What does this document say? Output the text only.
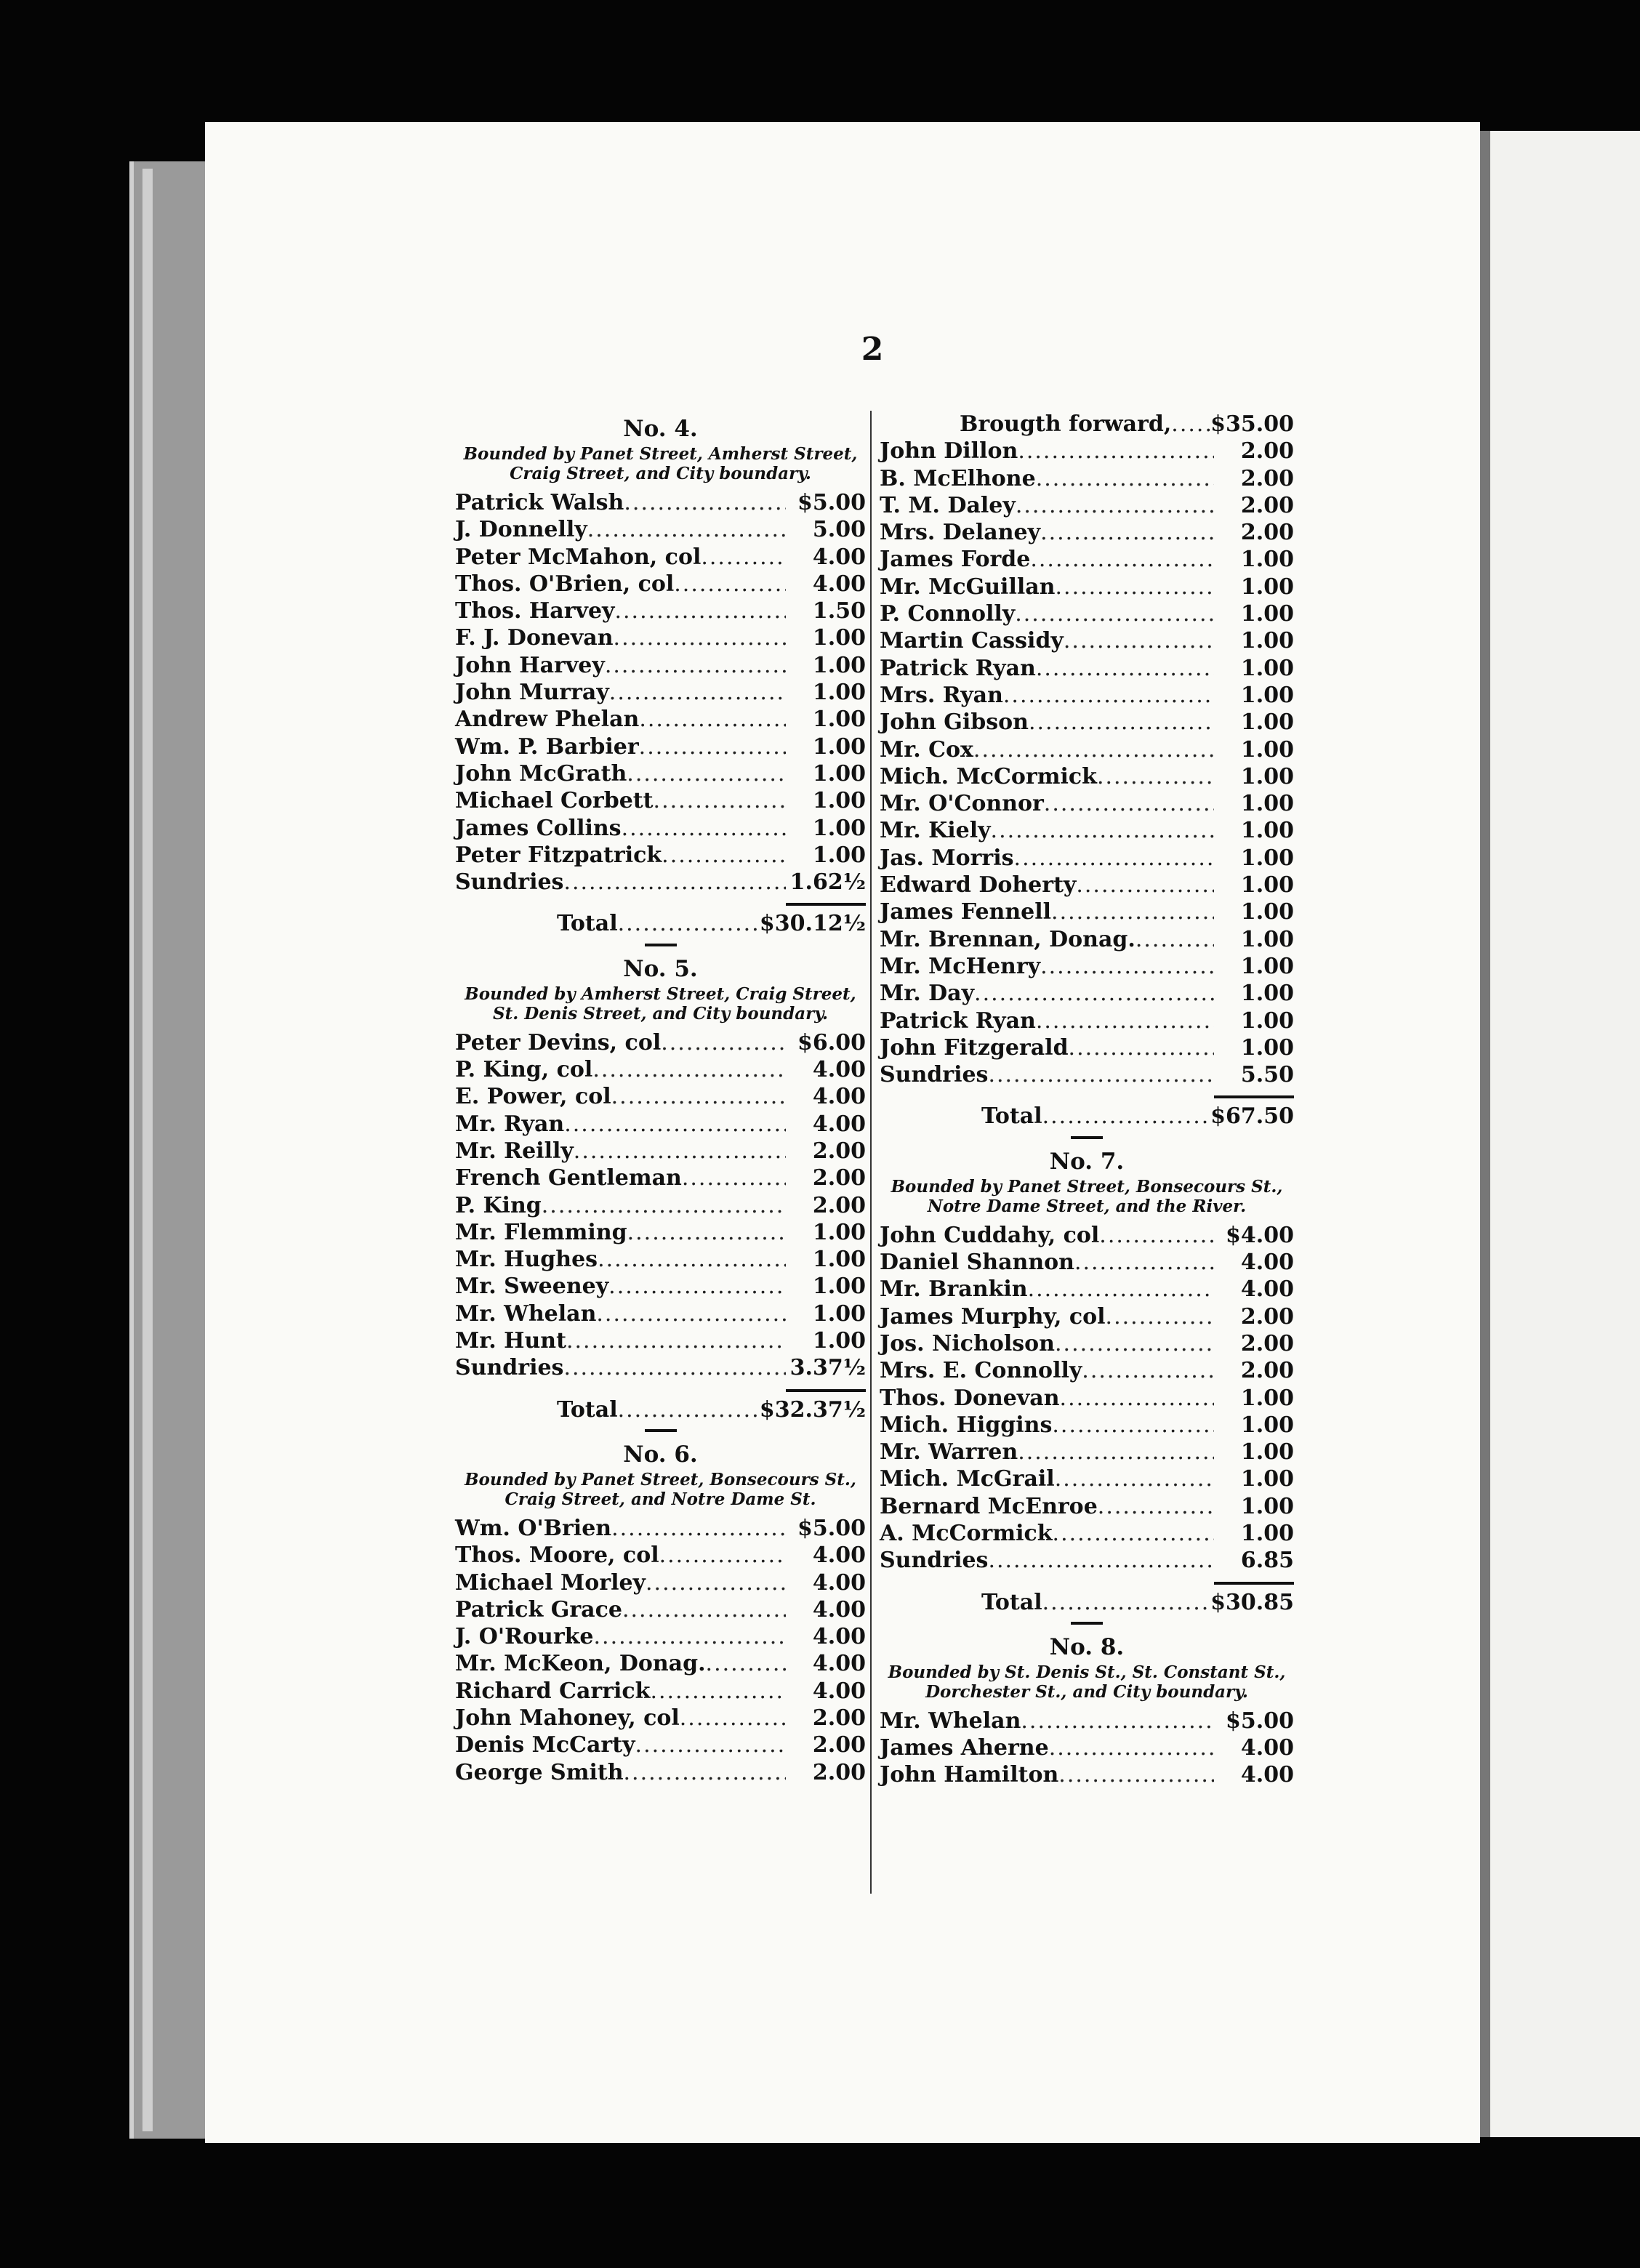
2
No. 4.
Bounded by Panet Street, Amherst Street, Craig Street, and City boundary.
Patrick Walsh .....	$5.00
J. Donnelly .....	5.00
Peter McMahon, col .....	4.00
Thos. O'Brien, col .....	4.00
Thos. Harvey .....	1.50
F. J. Donevan .....	1.00
John Harvey .....	1.00
John Murray .....	1.00
Andrew Phelan .....	1.00
Wm. P. Barbier .....	1.00
John McGrath .....	1.00
Michael Corbett .....	1.00
James Collins .....	1.00
Peter Fitzpatrick .....	1.00
Sundries .....	1.62½
Total .....	$30.12½
No. 5.
Bounded by Amherst Street, Craig Street, St. Denis Street, and City boundary.
Peter Devins, col .....	$6.00
P. King, col .....	4.00
E. Power, col .....	4.00
Mr. Ryan .....	4.00
Mr. Reilly .....	2.00
French Gentleman .....	2.00
P. King .....	2.00
Mr. Flemming .....	1.00
Mr. Hughes .....	1.00
Mr. Sweeney .....	1.00
Mr. Whelan .....	1.00
Mr. Hunt .....	1.00
Sundries .....	3.37½
Total .....	$32.37½
No. 6.
Bounded by Panet Street, Bonsecours St., Craig Street, and Notre Dame St.
Wm. O'Brien .....	$5.00
Thos. Moore, col .....	4.00
Michael Morley .....	4.00
Patrick Grace .....	4.00
J. O'Rourke .....	4.00
Mr. McKeon, Donag. .....	4.00
Richard Carrick .....	4.00
John Mahoney, col .....	2.00
Denis McCarty .....	2.00
George Smith .....	2.00
Brougth forward, ..... $35.00
John Dillon .....	2.00
B. McElhone .....	2.00
T. M. Daley .....	2.00
Mrs. Delaney .....	2.00
James Forde .....	1.00
Mr. McGuillan .....	1.00
P. Connolly .....	1.00
Martin Cassidy .....	1.00
Patrick Ryan .....	1.00
Mrs. Ryan .....	1.00
John Gibson .....	1.00
Mr. Cox .....	1.00
Mich. McCormick .....	1.00
Mr. O'Connor .....	1.00
Mr. Kiely .....	1.00
Jas. Morris .....	1.00
Edward Doherty .....	1.00
James Fennell .....	1.00
Mr. Brennan, Donag. .....	1.00
Mr. McHenry .....	1.00
Mr. Day .....	1.00
Patrick Ryan .....	1.00
John Fitzgerald .....	1.00
Sundries .....	5.50
Total .....	$67.50
No. 7.
Bounded by Panet Street, Bonsecours St., Notre Dame Street, and the River.
John Cuddahy, col .....	$4.00
Daniel Shannon .....	4.00
Mr. Brankin .....	4.00
James Murphy, col .....	2.00
Jos. Nicholson .....	2.00
Mrs. E. Connolly .....	2.00
Thos. Donevan .....	1.00
Mich. Higgins .....	1.00
Mr. Warren .....	1.00
Mich. McGrail .....	1.00
Bernard McEnroe .....	1.00
A. McCormick .....	1.00
Sundries .....	6.85
Total .....	$30.85
No. 8.
Bounded by St. Denis St., St. Constant St., Dorchester St., and City boundary.
Mr. Whelan .....	$5.00
James Aherne .....	4.00
John Hamilton .....	4.00
